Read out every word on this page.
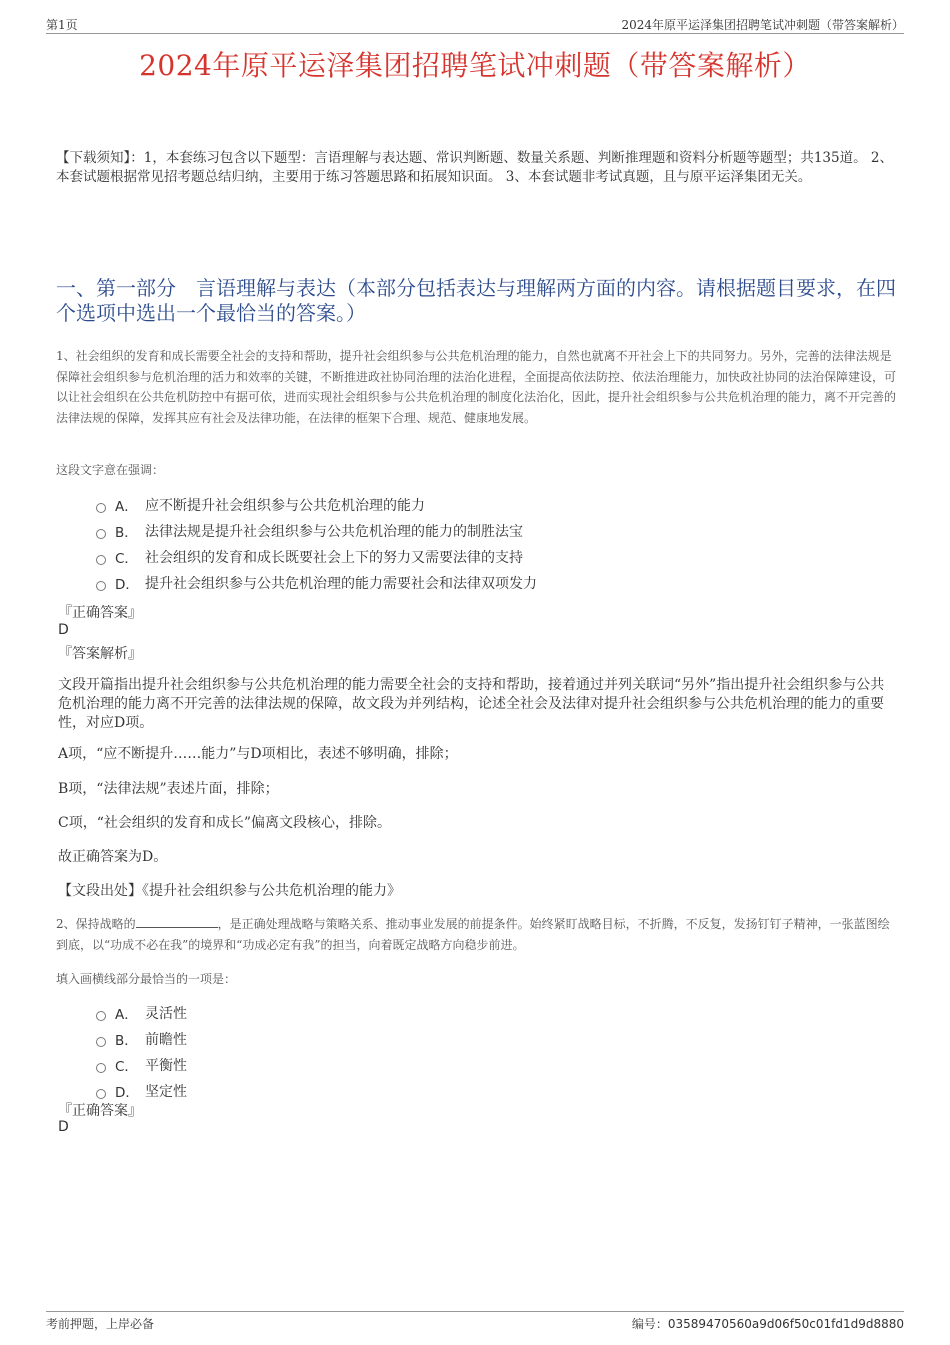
第1页	2024年原平运泽集团招聘笔试冲刺题（带答案解析）
2024年原平运泽集团招聘笔试冲刺题（带答案解析）
【下载须知】：1，本套练习包含以下题型：言语理解与表达题、常识判断题、数量关系题、判断推理题和资料分析题等题型；共135道。 2、本套试题根据常见招考题总结归纳，主要用于练习答题思路和拓展知识面。 3、本套试题非考试真题，且与原平运泽集团无关。
一、第一部分　言语理解与表达（本部分包括表达与理解两方面的内容。请根据题目要求，在四个选项中选出一个最恰当的答案。）
1、社会组织的发育和成长需要全社会的支持和帮助，提升社会组织参与公共危机治理的能力，自然也就离不开社会上下的共同努力。另外，完善的法律法规是保障社会组织参与危机治理的活力和效率的关键，不断推进政社协同治理的法治化进程，全面提高依法防控、依法治理能力，加快政社协同的法治保障建设，可以让社会组织在公共危机防控中有据可依，进而实现社会组织参与公共危机治理的制度化法治化，因此，提升社会组织参与公共危机治理的能力，离不开完善的法律法规的保障，发挥其应有社会及法律功能，在法律的框架下合理、规范、健康地发展。
这段文字意在强调：
A． 应不断提升社会组织参与公共危机治理的能力
B． 法律法规是提升社会组织参与公共危机治理的能力的制胜法宝
C． 社会组织的发育和成长既要社会上下的努力又需要法律的支持
D． 提升社会组织参与公共危机治理的能力需要社会和法律双项发力
『正确答案』
D
『答案解析』
文段开篇指出提升社会组织参与公共危机治理的能力需要全社会的支持和帮助，接着通过并列关联词“另外”指出提升社会组织参与公共危机治理的能力离不开完善的法律法规的保障，故文段为并列结构，论述全社会及法律对提升社会组织参与公共危机治理的能力的重要性，对应D项。
A项，“应不断提升……能力”与D项相比，表述不够明确，排除；
B项，“法律法规”表述片面，排除；
C项，“社会组织的发育和成长”偏离文段核心，排除。
故正确答案为D。
【文段出处】《提升社会组织参与公共危机治理的能力》
2、保持战略的	，是正确处理战略与策略关系、推动事业发展的前提条件。始终紧盯战略目标，不折腾，不反复，发扬钉钉子精神，一张蓝图绘到底，以“功成不必在我”的境界和“功成必定有我”的担当，向着既定战略方向稳步前进。
填入画横线部分最恰当的一项是：
A． 灵活性
B． 前瞻性
C． 平衡性
D． 坚定性
『正确答案』
D
考前押题，上岸必备	编号：03589470560a9d06f50c01fd1d9d8880
